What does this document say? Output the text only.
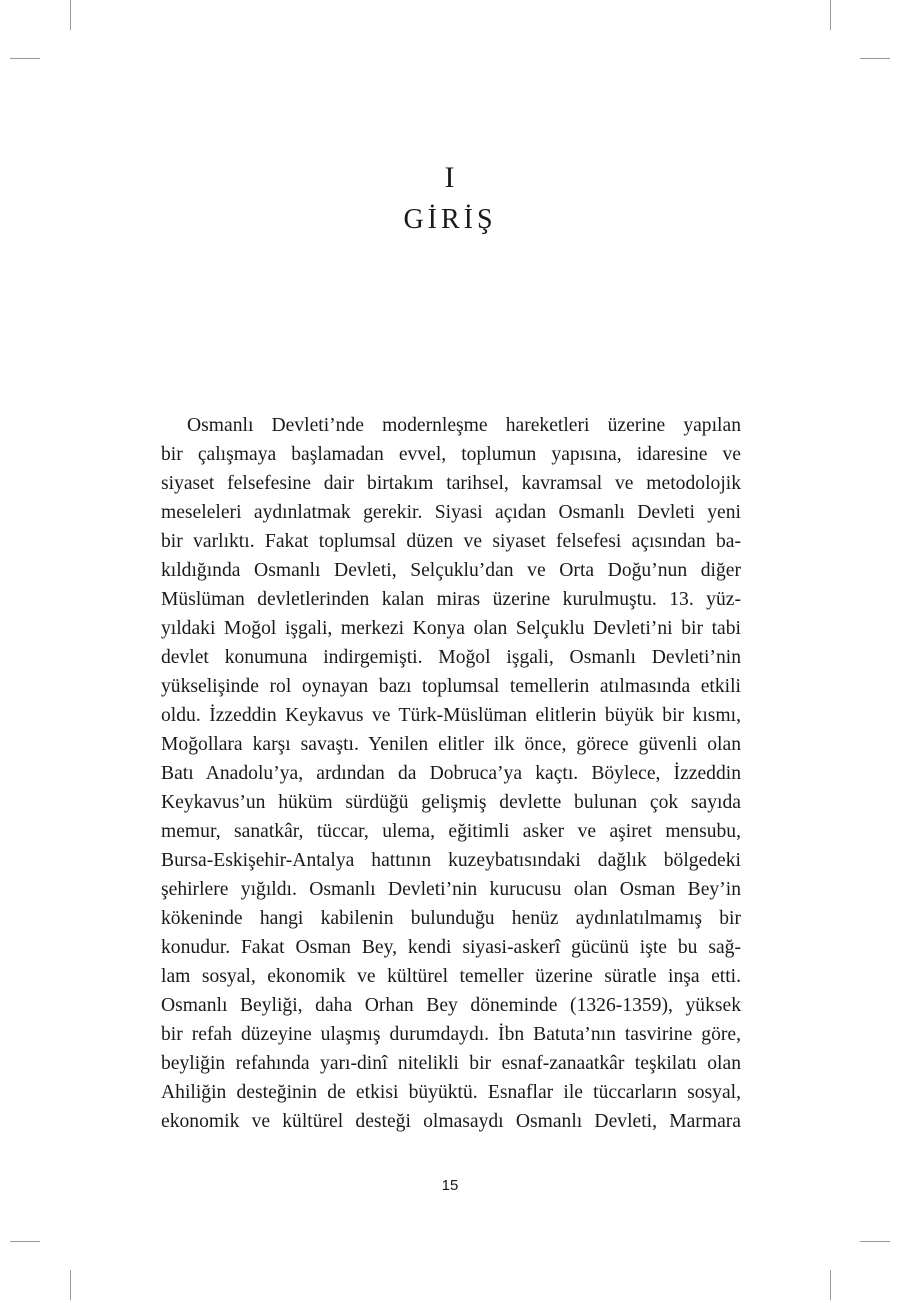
I
GİRİŞ
Osmanlı Devleti’nde modernleşme hareketleri üzerine yapılan
bir çalışmaya başlamadan evvel, toplumun yapısına, idaresine ve
siyaset felsefesine dair birtakım tarihsel, kavramsal ve metodolojik
meseleleri aydınlatmak gerekir. Siyasi açıdan Osmanlı Devleti yeni
bir varlıktı. Fakat toplumsal düzen ve siyaset felsefesi açısından ba-
kıldığında Osmanlı Devleti, Selçuklu’dan ve Orta Doğu’nun diğer
Müslüman devletlerinden kalan miras üzerine kurulmuştu. 13. yüz-
yıldaki Moğol işgali, merkezi Konya olan Selçuklu Devleti’ni bir tabi
devlet konumuna indirgemişti. Moğol işgali, Osmanlı Devleti’nin
yükselişinde rol oynayan bazı toplumsal temellerin atılmasında etkili
oldu. İzzeddin Keykavus ve Türk-Müslüman elitlerin büyük bir kısmı,
Moğollara karşı savaştı. Yenilen elitler ilk önce, görece güvenli olan
Batı Anadolu’ya, ardından da Dobruca’ya kaçtı. Böylece, İzzeddin
Keykavus’un hüküm sürdüğü gelişmiş devlette bulunan çok sayıda
memur, sanatkâr, tüccar, ulema, eğitimli asker ve aşiret mensubu,
Bursa-Eskişehir-Antalya hattının kuzeybatısındaki dağlık bölgedeki
şehirlere yığıldı. Osmanlı Devleti’nin kurucusu olan Osman Bey’in
kökeninde hangi kabilenin bulunduğu henüz aydınlatılmamış bir
konudur. Fakat Osman Bey, kendi siyasi-askerî gücünü işte bu sağ-
lam sosyal, ekonomik ve kültürel temeller üzerine süratle inşa etti.
Osmanlı Beyliği, daha Orhan Bey döneminde (1326-1359), yüksek
bir refah düzeyine ulaşmış durumdaydı. İbn Batuta’nın tasvirine göre,
beyliğin refahında yarı-dinî nitelikli bir esnaf-zanaatkâr teşkilatı olan
Ahiliğin desteğinin de etkisi büyüktü. Esnaflar ile tüccarların sosyal,
ekonomik ve kültürel desteği olmasaydı Osmanlı Devleti, Marmara
15
